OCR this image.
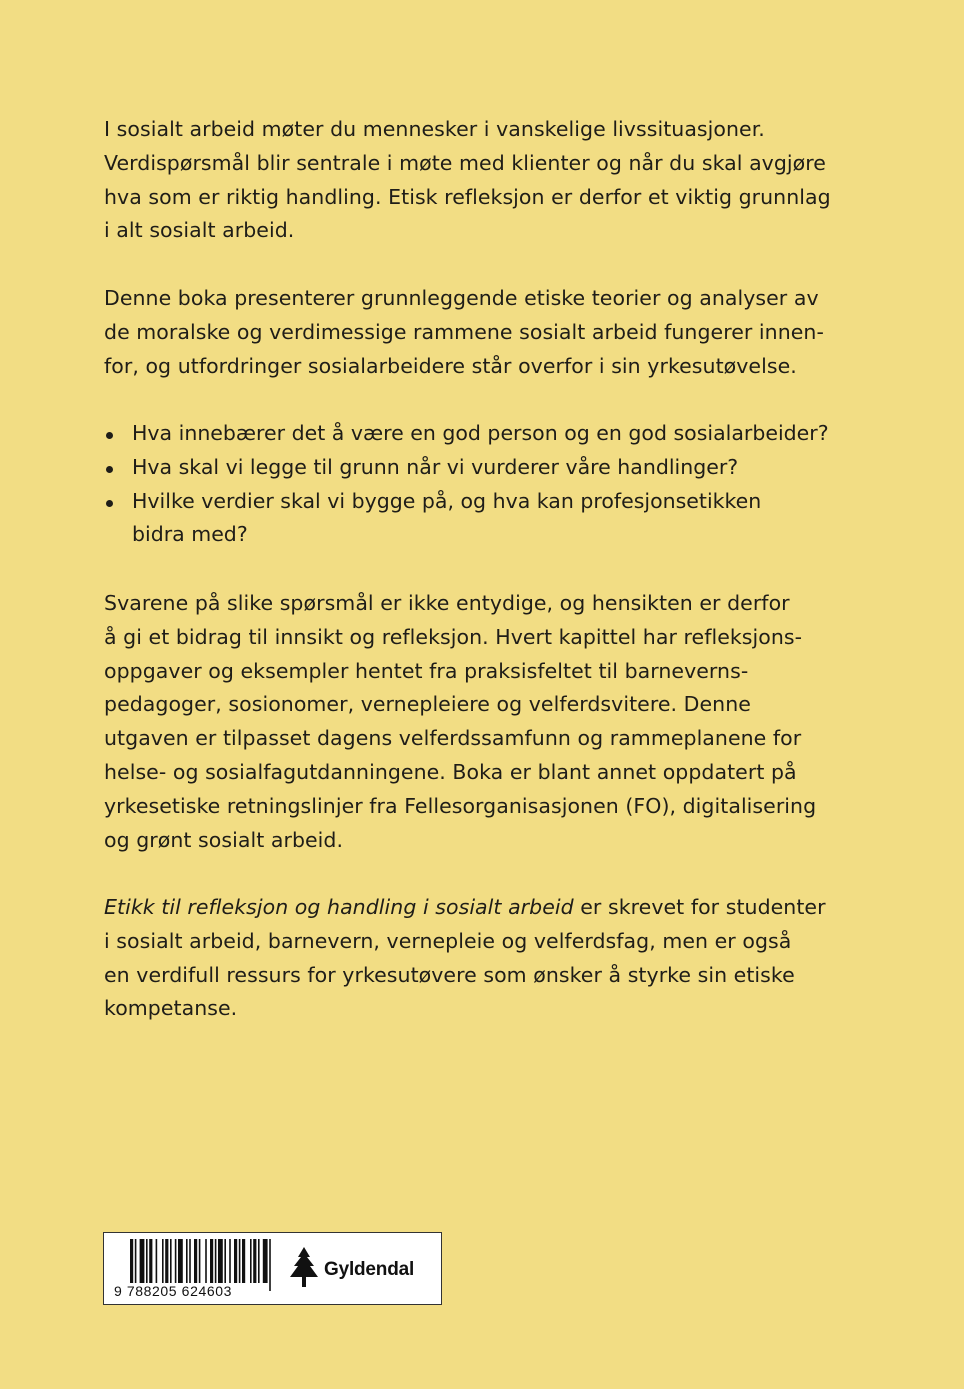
I sosialt arbeid møter du mennesker i vanskelige livssituasjoner.
Verdispørsmål blir sentrale i møte med klienter og når du skal avgjøre
hva som er riktig handling. Etisk refleksjon er derfor et viktig grunnlag
i alt sosialt arbeid.

Denne boka presenterer grunnleggende etiske teorier og analyser av
de moralske og verdimessige rammene sosialt arbeid fungerer innen-
for, og utfordringer sosialarbeidere står overfor i sin yrkesutøvelse.

Hva innebærer det å være en god person og en god sosialarbeider?
Hva skal vi legge til grunn når vi vurderer våre handlinger?
Hvilke verdier skal vi bygge på, og hva kan profesjonsetikken
bidra med?

Svarene på slike spørsmål er ikke entydige, og hensikten er derfor
å gi et bidrag til innsikt og refleksjon. Hvert kapittel har refleksjons-
oppgaver og eksempler hentet fra praksisfeltet til barneverns-
pedagoger, sosionomer, vernepleiere og velferdsvitere. Denne
utgaven er tilpasset dagens velferdssamfunn og rammeplanene for
helse- og sosialfagutdanningene. Boka er blant annet oppdatert på
yrkesetiske retningslinjer fra Fellesorganisasjonen (FO), digitalisering
og grønt sosialt arbeid.

Etikk til refleksjon og handling i sosialt arbeid er skrevet for studenter
i sosialt arbeid, barnevern, vernepleie og velferdsfag, men er også
en verdifull ressurs for yrkesutøvere som ønsker å styrke sin etiske
kompetanse.

9 788205 624603
Gyldendal
